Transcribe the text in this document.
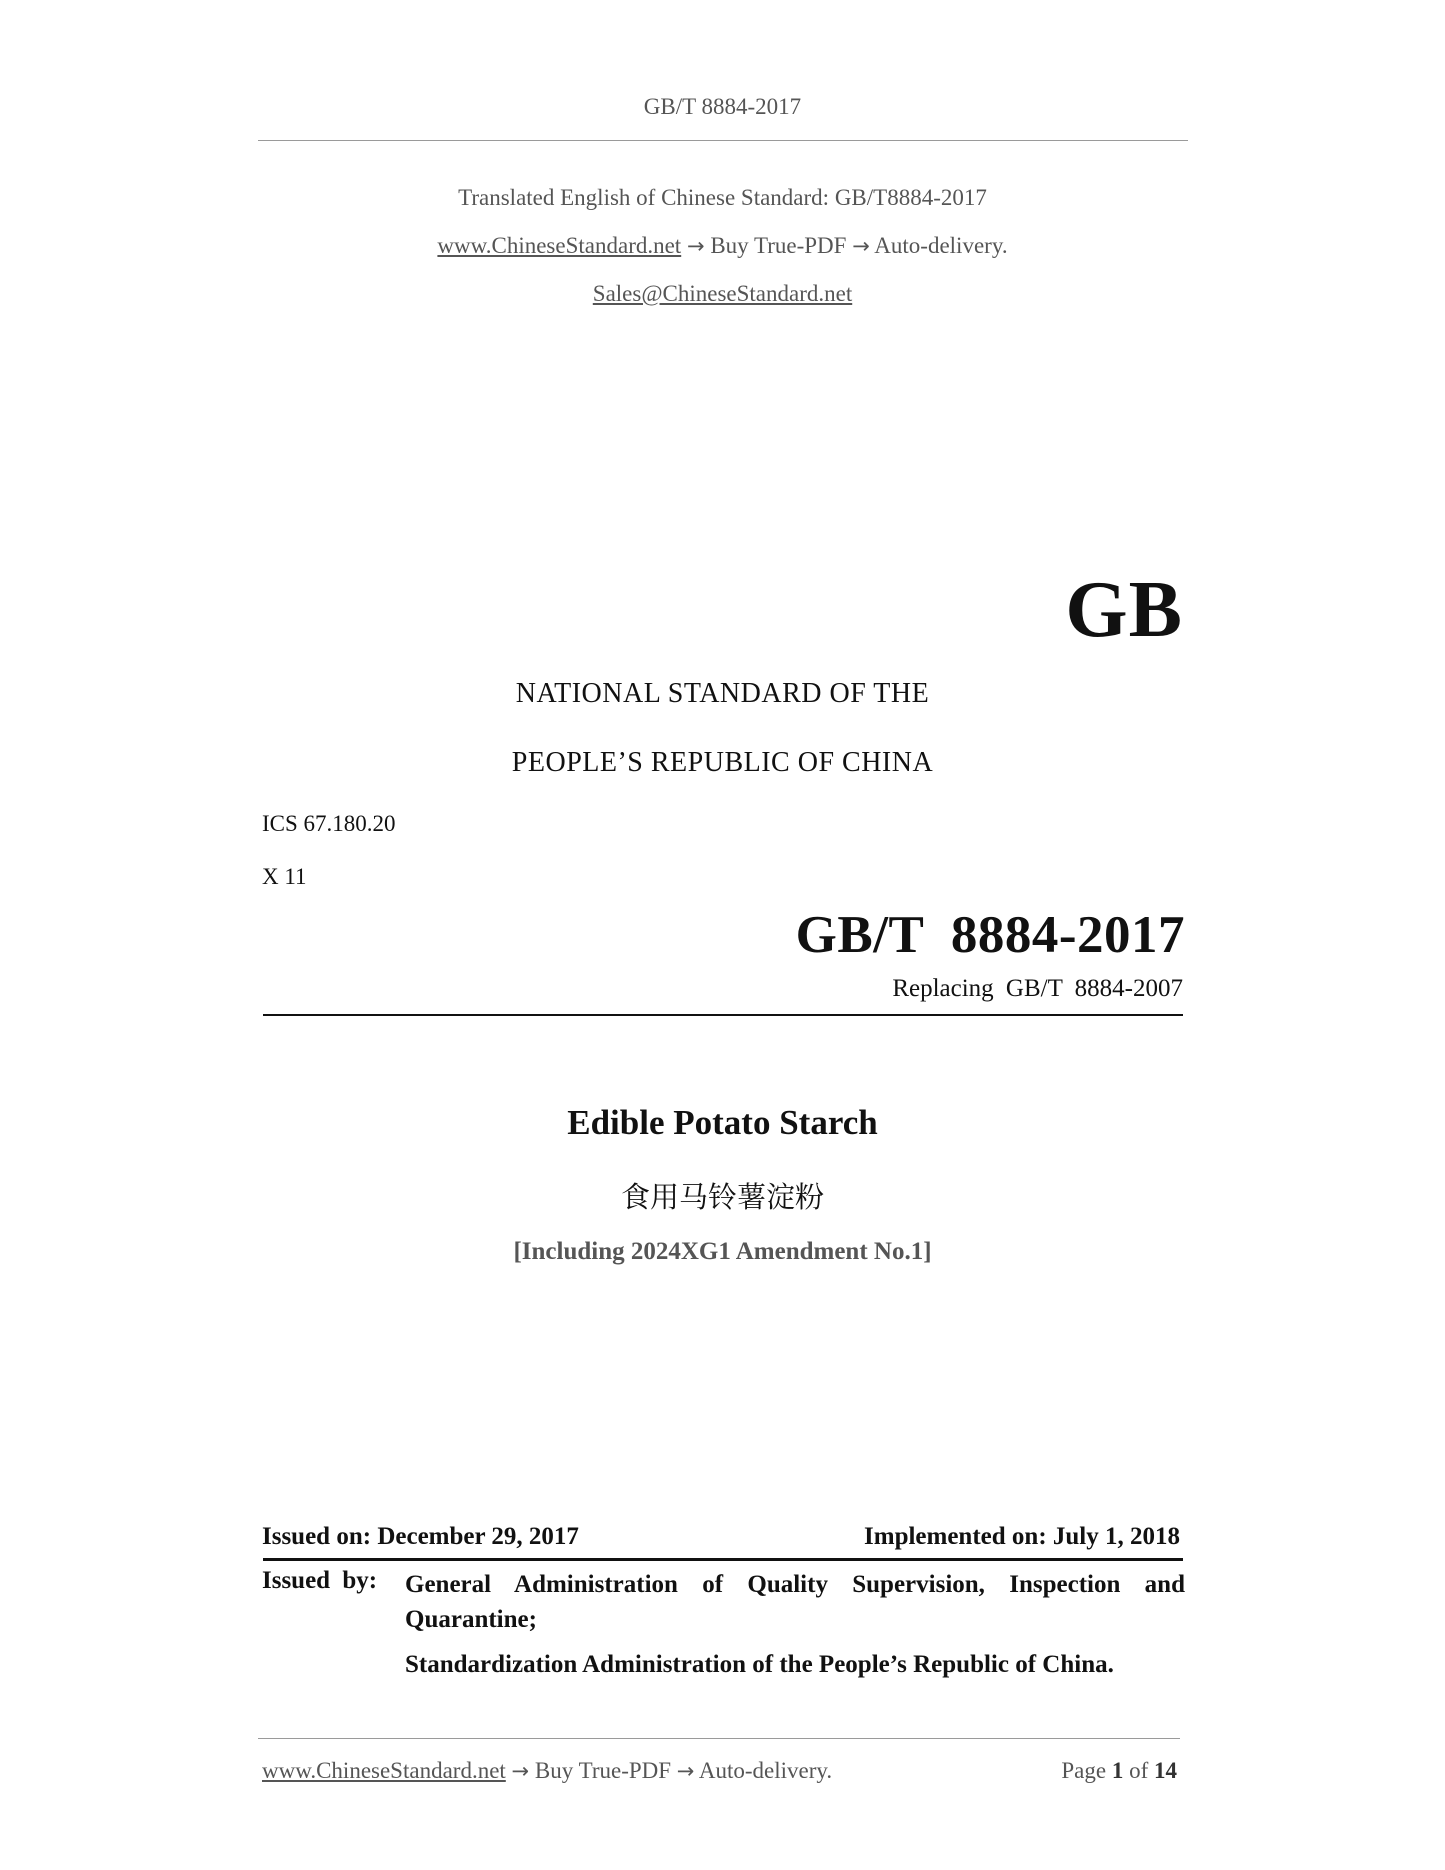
GB/T 8884-2017
Translated English of Chinese Standard: GB/T8884-2017
www.ChineseStandard.net → Buy True-PDF → Auto-delivery.
Sales@ChineseStandard.net
GB
NATIONAL STANDARD OF THE
PEOPLE’S REPUBLIC OF CHINA
ICS 67.180.20
X 11
GB/T  8884-2017
Replacing GB/T 8884-2007
Edible Potato Starch
食用马铃薯淀粉
[Including 2024XG1 Amendment No.1]
Issued on: December 29, 2017	Implemented on: July 1, 2018
Issued by: General Administration of Quality Supervision, Inspection and Quarantine;
Standardization Administration of the People’s Republic of China.
www.ChineseStandard.net → Buy True-PDF → Auto-delivery.	Page 1 of 14
